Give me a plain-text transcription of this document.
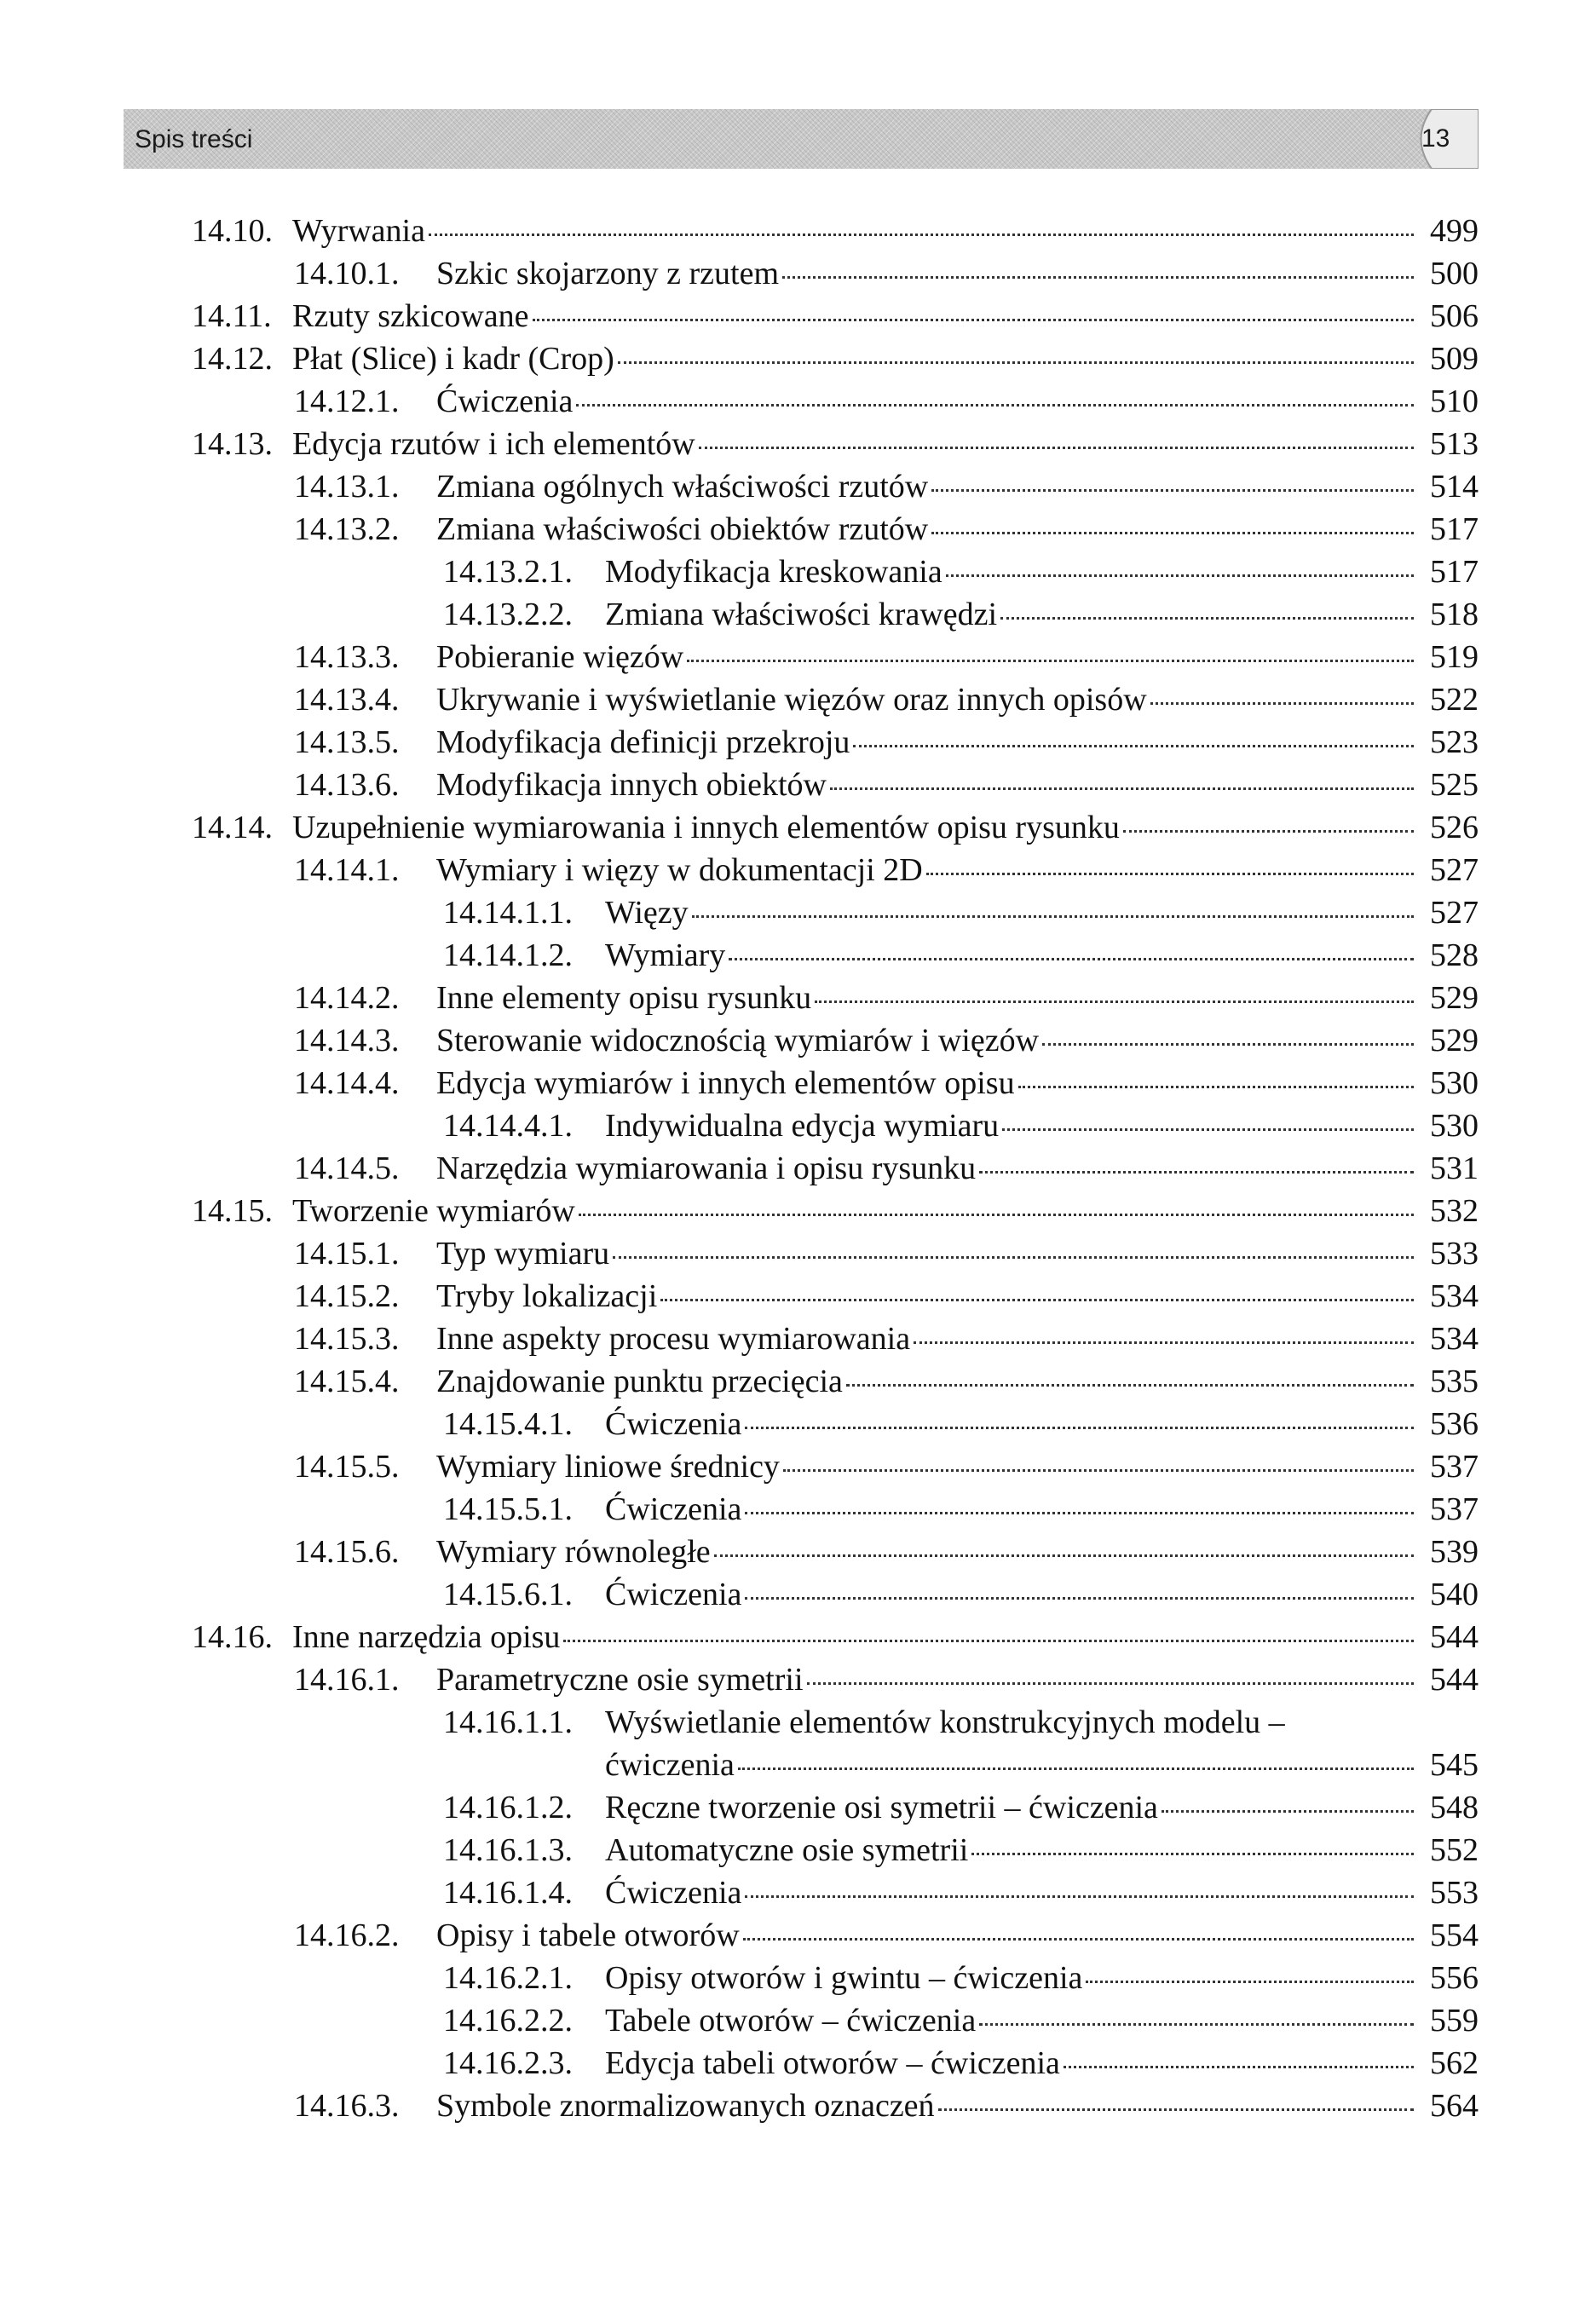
Spis treści	13
14.10. Wyrwania	499
14.10.1.	Szkic skojarzony z rzutem	500
14.11. Rzuty szkicowane	506
14.12. Płat (Slice) i kadr (Crop)	509
14.12.1.	Ćwiczenia	510
14.13. Edycja rzutów i ich elementów	513
14.13.1.	Zmiana ogólnych właściwości rzutów	514
14.13.2.	Zmiana właściwości obiektów rzutów	517
14.13.2.1.	Modyfikacja kreskowania	517
14.13.2.2.	Zmiana właściwości krawędzi	518
14.13.3.	Pobieranie więzów	519
14.13.4.	Ukrywanie i wyświetlanie więzów oraz innych opisów	522
14.13.5.	Modyfikacja definicji przekroju	523
14.13.6.	Modyfikacja innych obiektów	525
14.14. Uzupełnienie wymiarowania i innych elementów opisu rysunku	526
14.14.1.	Wymiary i więzy w dokumentacji 2D	527
14.14.1.1.	Więzy	527
14.14.1.2.	Wymiary	528
14.14.2.	Inne elementy opisu rysunku	529
14.14.3.	Sterowanie widocznością wymiarów i więzów	529
14.14.4.	Edycja wymiarów i innych elementów opisu	530
14.14.4.1.	Indywidualna edycja wymiaru	530
14.14.5.	Narzędzia wymiarowania i opisu rysunku	531
14.15. Tworzenie wymiarów	532
14.15.1.	Typ wymiaru	533
14.15.2.	Tryby lokalizacji	534
14.15.3.	Inne aspekty procesu wymiarowania	534
14.15.4.	Znajdowanie punktu przecięcia	535
14.15.4.1.	Ćwiczenia	536
14.15.5.	Wymiary liniowe średnicy	537
14.15.5.1.	Ćwiczenia	537
14.15.6.	Wymiary równoległe	539
14.15.6.1.	Ćwiczenia	540
14.16. Inne narzędzia opisu	544
14.16.1.	Parametryczne osie symetrii	544
14.16.1.1.	Wyświetlanie elementów konstrukcyjnych modelu –
ćwiczenia	545
14.16.1.2.	Ręczne tworzenie osi symetrii – ćwiczenia	548
14.16.1.3.	Automatyczne osie symetrii	552
14.16.1.4.	Ćwiczenia	553
14.16.2.	Opisy i tabele otworów	554
14.16.2.1.	Opisy otworów i gwintu – ćwiczenia	556
14.16.2.2.	Tabele otworów – ćwiczenia	559
14.16.2.3.	Edycja tabeli otworów – ćwiczenia	562
14.16.3.	Symbole znormalizowanych oznaczeń	564
